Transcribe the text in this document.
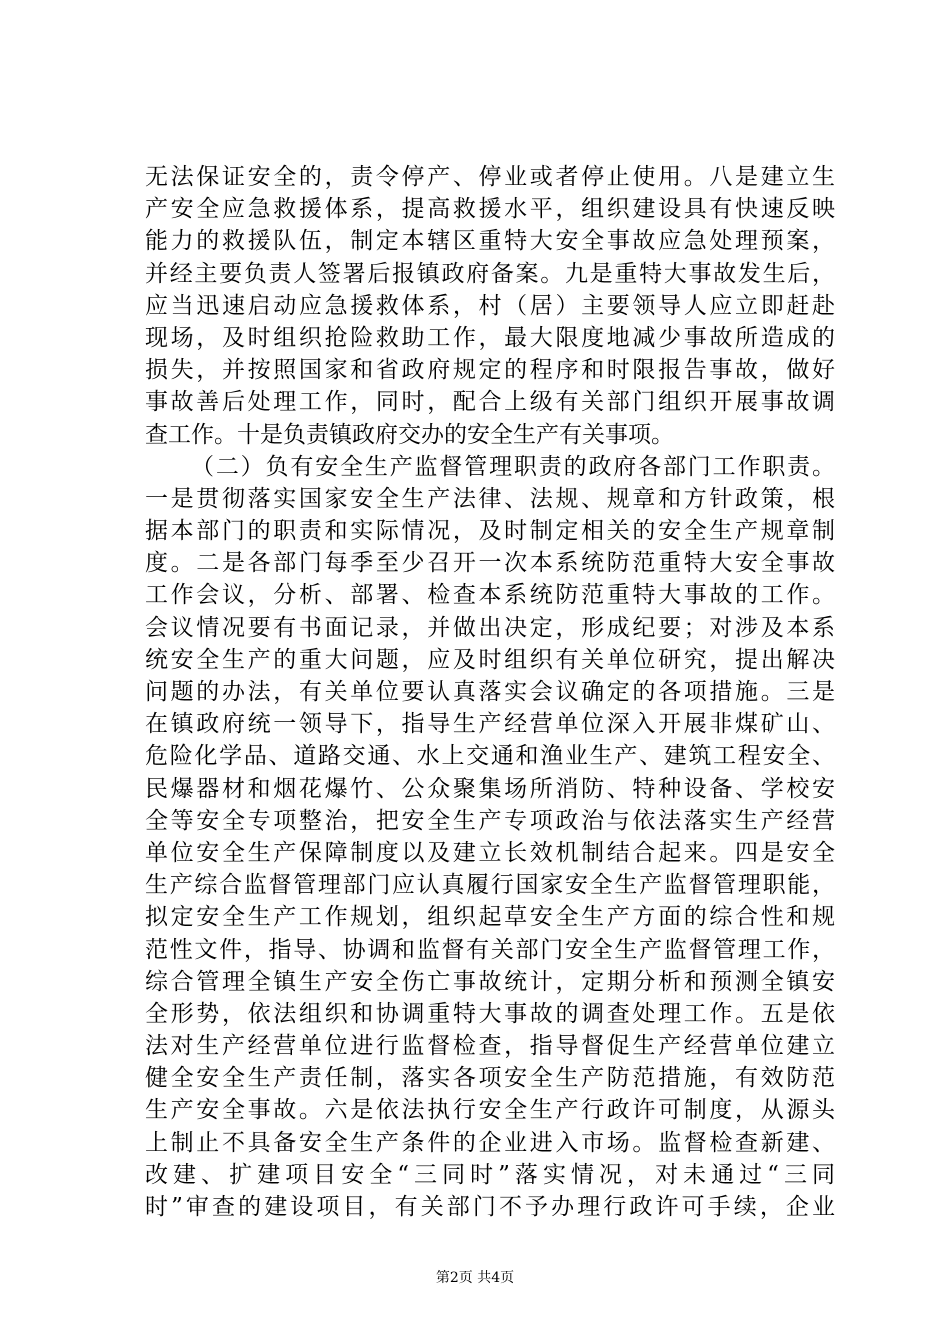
无法保证安全的，责令停产、停业或者停止使用。八是建立生
产安全应急救援体系，提高救援水平，组织建设具有快速反映
能力的救援队伍，制定本辖区重特大安全事故应急处理预案，
并经主要负责人签署后报镇政府备案。九是重特大事故发生后，
应当迅速启动应急援救体系，村（居）主要领导人应立即赶赴
现场，及时组织抢险救助工作，最大限度地减少事故所造成的
损失，并按照国家和省政府规定的程序和时限报告事故，做好
事故善后处理工作，同时，配合上级有关部门组织开展事故调
查工作。十是负责镇政府交办的安全生产有关事项。
（二）负有安全生产监督管理职责的政府各部门工作职责。
一是贯彻落实国家安全生产法律、法规、规章和方针政策，根
据本部门的职责和实际情况，及时制定相关的安全生产规章制
度。二是各部门每季至少召开一次本系统防范重特大安全事故
工作会议，分析、部署、检查本系统防范重特大事故的工作。
会议情况要有书面记录，并做出决定，形成纪要；对涉及本系
统安全生产的重大问题，应及时组织有关单位研究，提出解决
问题的办法，有关单位要认真落实会议确定的各项措施。三是
在镇政府统一领导下，指导生产经营单位深入开展非煤矿山、
危险化学品、道路交通、水上交通和渔业生产、建筑工程安全、
民爆器材和烟花爆竹、公众聚集场所消防、特种设备、学校安
全等安全专项整治，把安全生产专项政治与依法落实生产经营
单位安全生产保障制度以及建立长效机制结合起来。四是安全
生产综合监督管理部门应认真履行国家安全生产监督管理职能，
拟定安全生产工作规划，组织起草安全生产方面的综合性和规
范性文件，指导、协调和监督有关部门安全生产监督管理工作，
综合管理全镇生产安全伤亡事故统计，定期分析和预测全镇安
全形势，依法组织和协调重特大事故的调查处理工作。五是依
法对生产经营单位进行监督检查，指导督促生产经营单位建立
健全安全生产责任制，落实各项安全生产防范措施，有效防范
生产安全事故。六是依法执行安全生产行政许可制度，从源头
上制止不具备安全生产条件的企业进入市场。监督检查新建、
改建、扩建项目安全“三同时”落实情况，对未通过“三同
时”审查的建设项目，有关部门不予办理行政许可手续，企业
第2页 共4页
